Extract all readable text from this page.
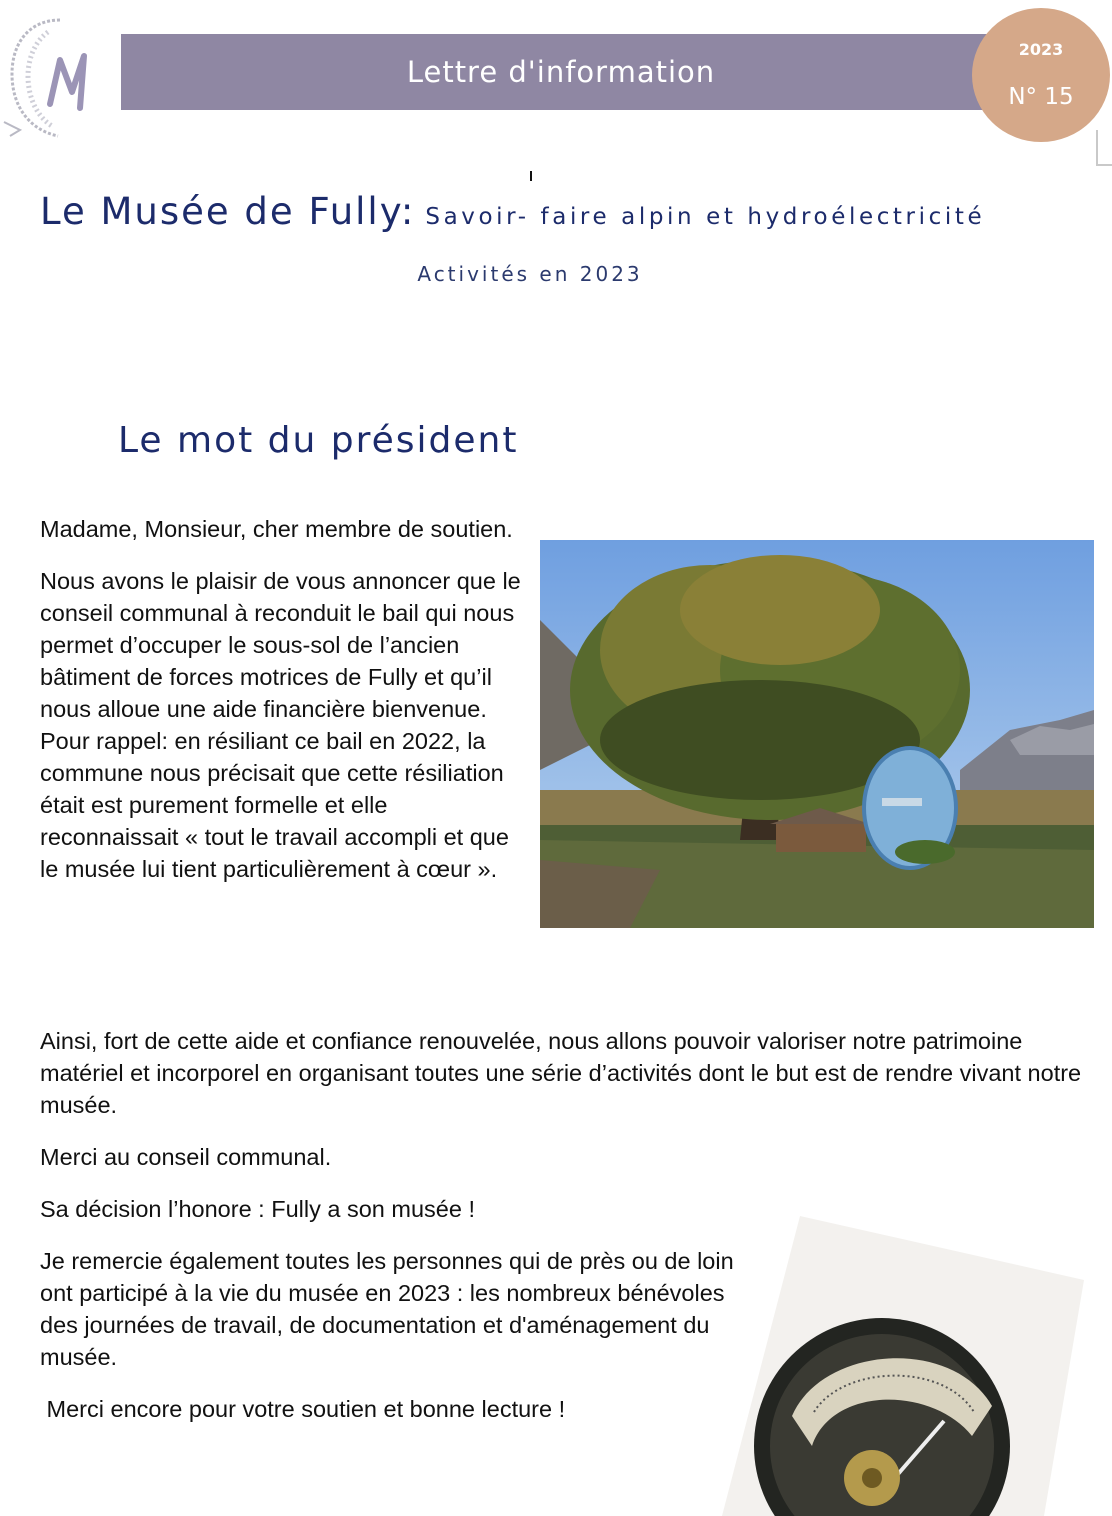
Lettre d'information
2023
N° 15
Le Musée de Fully: Savoir- faire alpin et hydroélectricité
Activités en 2023
Le mot du président

Madame, Monsieur, cher membre de soutien.

Nous avons le plaisir de vous annoncer que le conseil communal à reconduit le bail qui nous permet d’occuper le sous-sol de l’ancien bâtiment de forces motrices de Fully et qu’il nous alloue une aide financière bienvenue. Pour rappel: en résiliant ce bail en 2022, la commune nous précisait que cette résiliation était est purement formelle et elle reconnaissait « tout le travail accompli et que le musée lui tient particulièrement à cœur ».

Ainsi, fort de cette aide et confiance renouvelée, nous allons pouvoir valoriser notre patrimoine matériel et incorporel en organisant toutes une série d’activités dont le but est de rendre vivant notre musée.

Merci au conseil communal.

Sa décision l’honore : Fully a son musée !

Je remercie également toutes les personnes qui de près ou de loin ont participé à la vie du musée en 2023 : les nombreux bénévoles des journées de travail, de documentation et d'aménagement du musée.

Merci encore pour votre soutien et bonne lecture !
